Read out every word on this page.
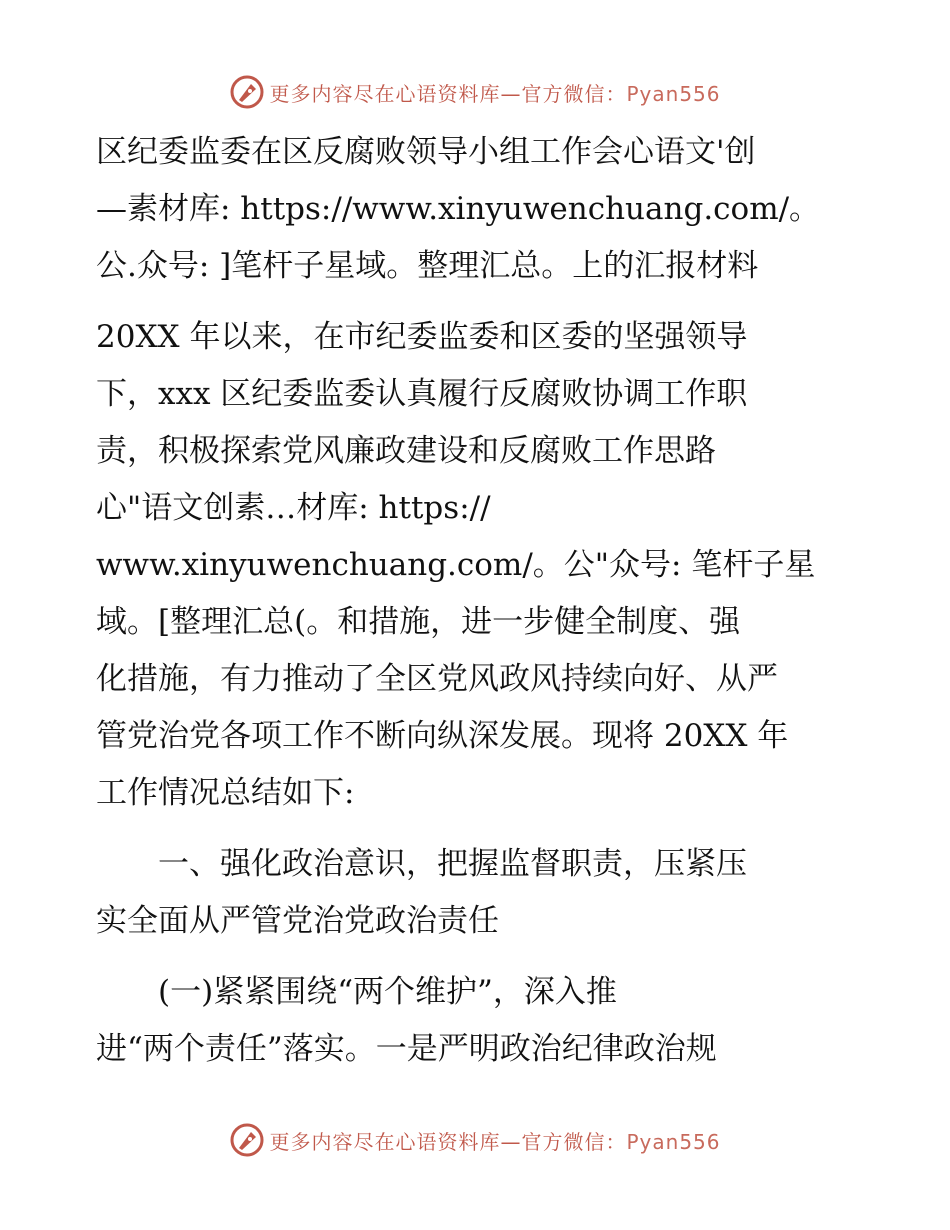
更多内容尽在心语资料库—官方微信：Pyan556
区纪委监委在区反腐败领导小组工作会心语文'创
—素材库: https://www.xinyuwenchuang.com/。
公.众号: ]笔杆子星域。整理汇总。上的汇报材料
20XX 年以来，在市纪委监委和区委的坚强领导
下，xxx 区纪委监委认真履行反腐败协调工作职
责，积极探索党风廉政建设和反腐败工作思路
心"语文创素…材库: https://
www.xinyuwenchuang.com/。公"众号: 笔杆子星
域。[整理汇总(。和措施，进一步健全制度、强
化措施，有力推动了全区党风政风持续向好、从严
管党治党各项工作不断向纵深发展。现将 20XX 年
工作情况总结如下:
　　一、强化政治意识，把握监督职责，压紧压
实全面从严管党治党政治责任
　　(一)紧紧围绕“两个维护”，深入推
进“两个责任”落实。一是严明政治纪律政治规
更多内容尽在心语资料库—官方微信：Pyan556
